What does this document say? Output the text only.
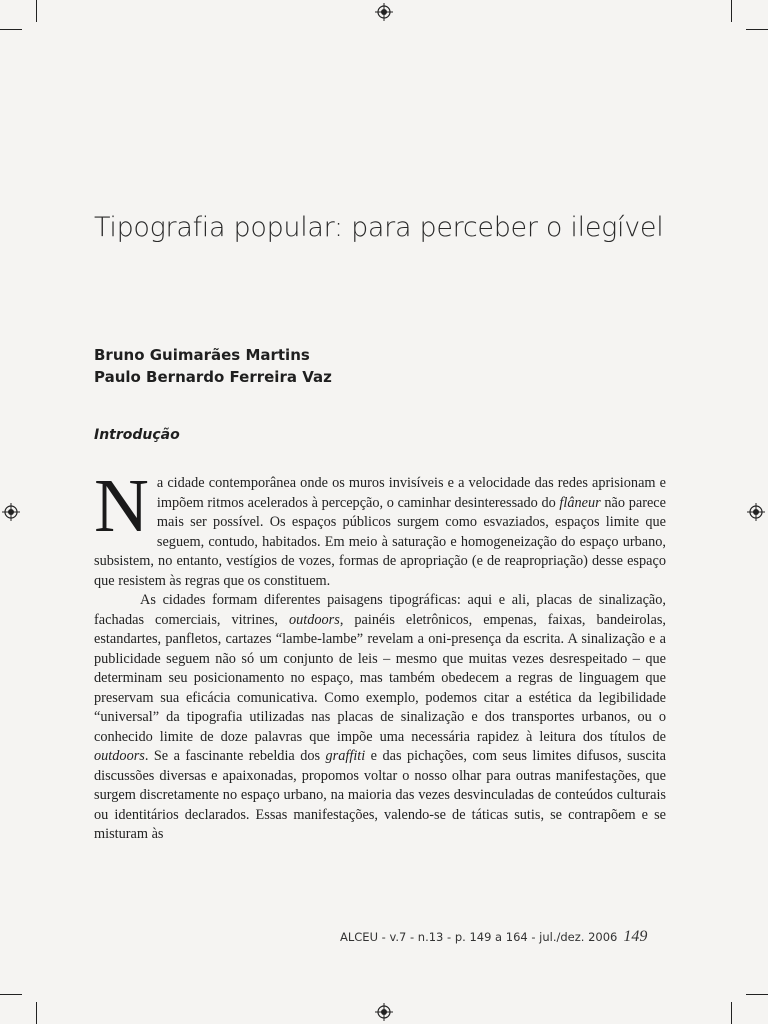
Tipografia popular: para perceber o ilegível
Bruno Guimarães Martins
Paulo Bernardo Ferreira Vaz
Introdução

Na cidade contemporânea onde os muros invisíveis e a velocidade das redes aprisionam e impõem ritmos acelerados à percepção, o caminhar desinteressado do flâneur não parece mais ser possível. Os espaços públicos surgem como esvaziados, espaços limite que seguem, contudo, habitados. Em meio à saturação e homogeneização do espaço urbano, subsistem, no entanto, vestígios de vozes, formas de apropriação (e de reapropriação) desse espaço que resistem às regras que os constituem.

As cidades formam diferentes paisagens tipográficas: aqui e ali, placas de sinalização, fachadas comerciais, vitrines, outdoors, painéis eletrônicos, empenas, faixas, bandeirolas, estandartes, panfletos, cartazes “lambe-lambe” revelam a oni-presença da escrita. A sinalização e a publicidade seguem não só um conjunto de leis – mesmo que muitas vezes desrespeitado – que determinam seu posicionamento no espaço, mas também obedecem a regras de linguagem que preservam sua eficácia comunicativa. Como exemplo, podemos citar a estética da legibilidade “universal” da tipografia utilizadas nas placas de sinalização e dos transportes urbanos, ou o conhecido limite de doze palavras que impõe uma necessária rapidez à leitura dos títulos de outdoors. Se a fascinante rebeldia dos graffiti e das pichações, com seus limites difusos, suscita discussões diversas e apaixonadas, propomos voltar o nosso olhar para outras manifestações, que surgem discretamente no espaço urbano, na maioria das vezes desvinculadas de conteúdos culturais ou identitários declarados. Essas manifestações, valendo-se de táticas sutis, se contrapõem e se misturam às

ALCEU - v.7 - n.13 - p. 149 a 164 - jul./dez. 2006 149
